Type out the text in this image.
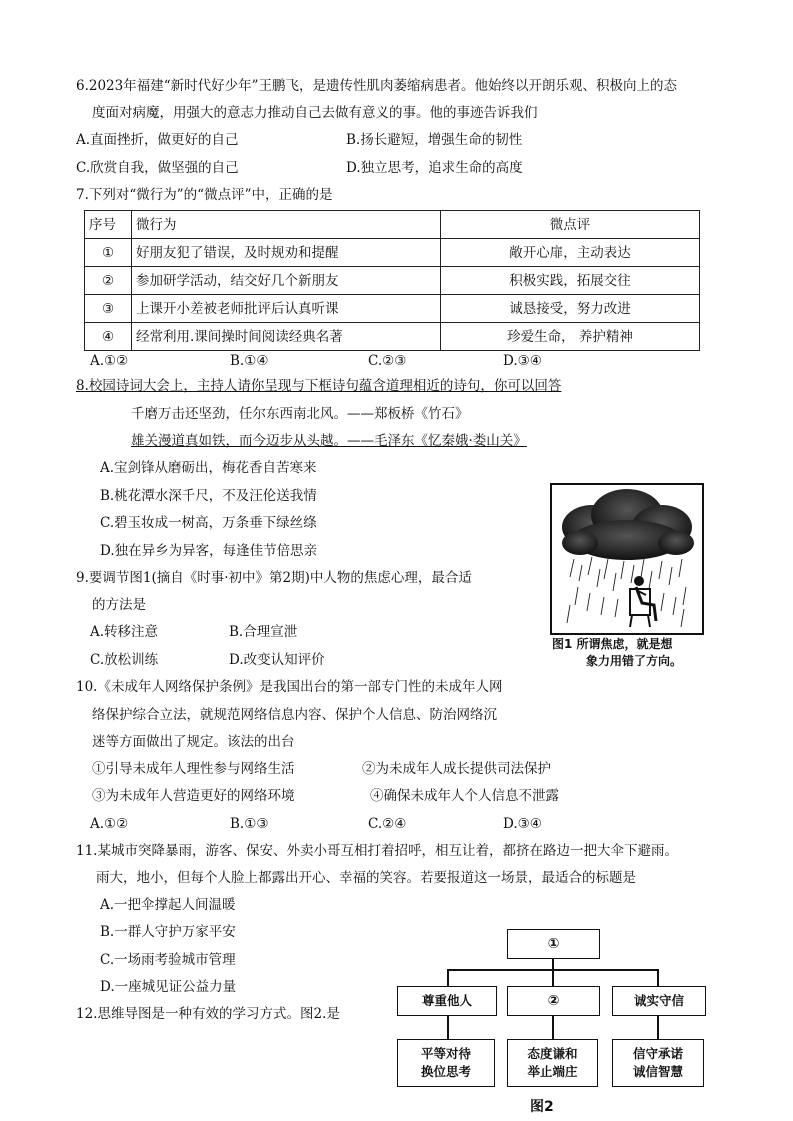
6.2023年福建“新时代好少年”王鹏飞，是遗传性肌肉萎缩病患者。他始终以开朗乐观、积极向上的态
度面对病魔，用强大的意志力推动自己去做有意义的事。他的事迹告诉我们
A.直面挫折，做更好的自己	B.扬长避短，增强生命的韧性
C.欣赏自我，做坚强的自己	D.独立思考，追求生命的高度
7.下列对“微行为”的“微点评”中，正确的是
序号	微行为	微点评
①	好朋友犯了错误，及时规劝和提醒	敞开心扉，主动表达
②	参加研学活动，结交好几个新朋友	积极实践，拓展交往
③	上课开小差被老师批评后认真听课	诚恳接受，努力改进
④	经常利用.课间操时间阅读经典名著	珍爱生命， 养护精神
A.①②	B.①④	C.②③	D.③④
8.校园诗词大会上，主持人请你呈现与下框诗句蕴含道理相近的诗句，你可以回答
千磨万击还坚劲，任尔东西南北风。——郑板桥《竹石》
雄关漫道真如铁，而今迈步从头越。——毛泽东《忆秦娥·娄山关》
A.宝剑锋从磨砺出，梅花香自苦寒来
B.桃花潭水深千尺，不及汪伦送我情
C.碧玉妆成一树高，万条垂下绿丝绦
D.独在异乡为异客，每逢佳节倍思亲
9.要调节图1(摘自《时事·初中》第2期)中人物的焦虑心理，最合适
的方法是
A.转移注意	B.合理宣泄
C.放松训练	D.改变认知评价
图1 所谓焦虑，就是想
象力用错了方向。
10.《未成年人网络保护条例》是我国出台的第一部专门性的未成年人网
络保护综合立法，就规范网络信息内容、保护个人信息、防治网络沉
迷等方面做出了规定。该法的出台
①引导未成年人理性参与网络生活	②为未成年人成长提供司法保护
③为未成年人营造更好的网络环境	④确保未成年人个人信息不泄露
A.①②	B.①③	C.②④	D.③④
11.某城市突降暴雨，游客、保安、外卖小哥互相打着招呼，相互让着，都挤在路边一把大伞下避雨。
雨大，地小，但每个人脸上都露出开心、幸福的笑容。若要报道这一场景，最适合的标题是
A.一把伞撑起人间温暖
B.一群人守护万家平安
C.一场雨考验城市管理
D.一座城见证公益力量
12.思维导图是一种有效的学习方式。图2.是
①
尊重他人	②	诚实守信
平等对待
换位思考
态度谦和
举止端庄
信守承诺
诚信智慧
图2
